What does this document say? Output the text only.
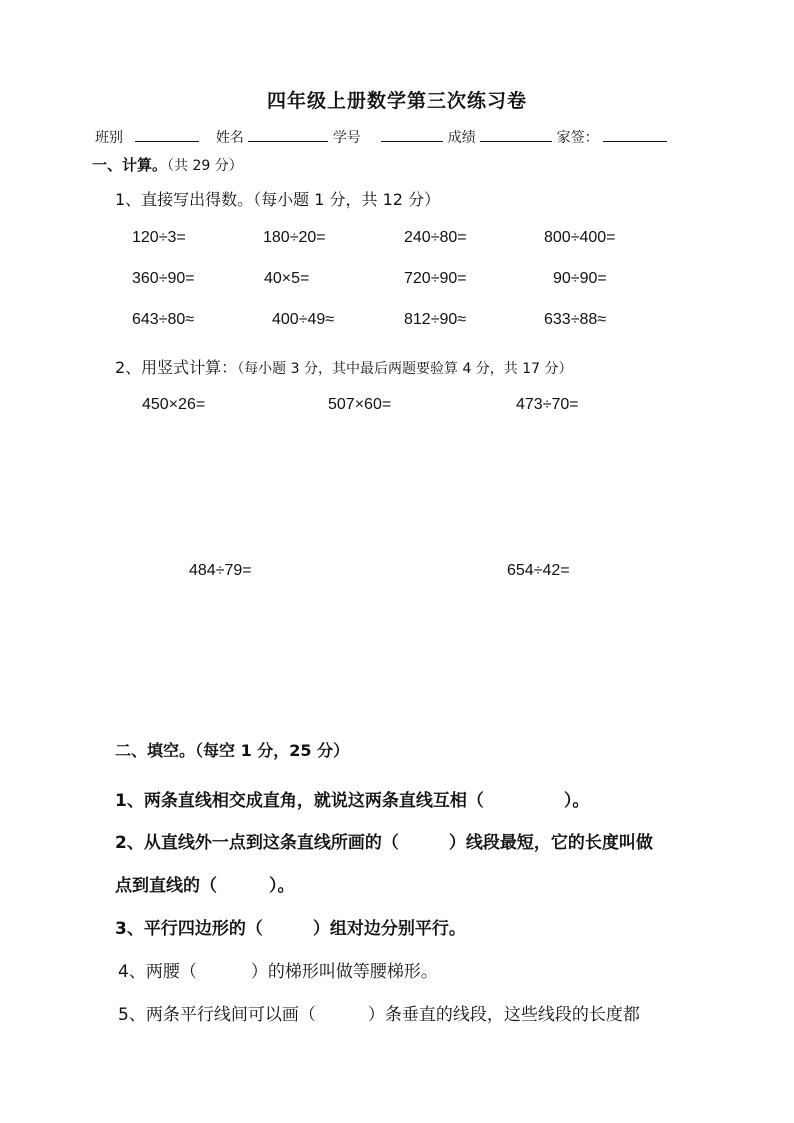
四年级上册数学第三次练习卷
班别	姓名	学号	成绩	家签：
一、计算。（共 29 分）
1、直接写出得数。（每小题 1 分，共 12 分）
120÷3=	180÷20=	240÷80=	800÷400=
360÷90=	40×5=	720÷90=	90÷90=
643÷80≈	400÷49≈	812÷90≈	633÷88≈
2、用竖式计算：（每小题 3 分，其中最后两题要验算 4 分，共 17 分）
450×26=	507×60=	473÷70=
484÷79=	654÷42=
二、填空。（每空 1 分，25 分）
1、两条直线相交成直角，就说这两条直线互相（	）。
2、从直线外一点到这条直线所画的（	）线段最短，它的长度叫做
点到直线的（	）。
3、平行四边形的（	）组对边分别平行。
4、两腰（	）的梯形叫做等腰梯形。
5、两条平行线间可以画（	）条垂直的线段，这些线段的长度都
